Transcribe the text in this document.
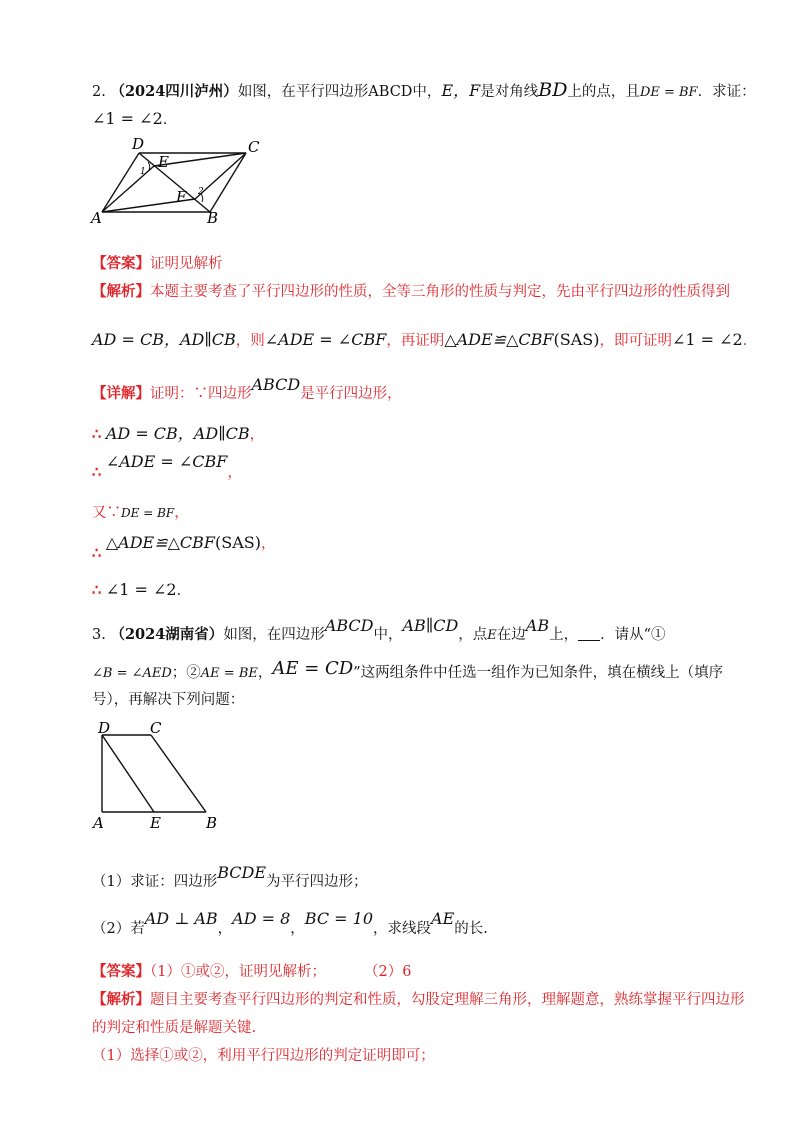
2. （2024四川泸州）如图，在平行四边形ABCD中，E，F是对角线BD上的点，且DE = BF．求证：
∠1 = ∠2．
D	C
A	B
E
F
1
2
【答案】证明见解析
【解析】本题主要考查了平行四边形的性质，全等三角形的性质与判定，先由平行四边形的性质得到
AD = CB，AD∥CB，则∠ADE = ∠CBF，再证明△ADE≌△CBF(SAS)，即可证明∠1 = ∠2．
【详解】证明：∵四边形ABCD是平行四边形，
∴ AD = CB，AD∥CB，
∴ ∠ADE = ∠CBF，
又∵DE = BF，
∴ △ADE≌△CBF(SAS)，
∴ ∠1 = ∠2．
3. （2024湖南省）如图，在四边形ABCD中，AB∥CD，点E在边AB上， ．请从“①
∠B = ∠AED；②AE = BE，AE = CD”这两组条件中任选一组作为已知条件，填在横线上（填序
号），再解决下列问题：
D	C
A	E	B
（1）求证：四边形BCDE为平行四边形；
（2）若AD ⊥ AB，AD = 8，BC = 10，求线段AE的长.
【答案】（1）①或②，证明见解析；	（2）6
【解析】题目主要考查平行四边形的判定和性质，勾股定理解三角形，理解题意，熟练掌握平行四边形
的判定和性质是解题关键.
（1）选择①或②，利用平行四边形的判定证明即可；
